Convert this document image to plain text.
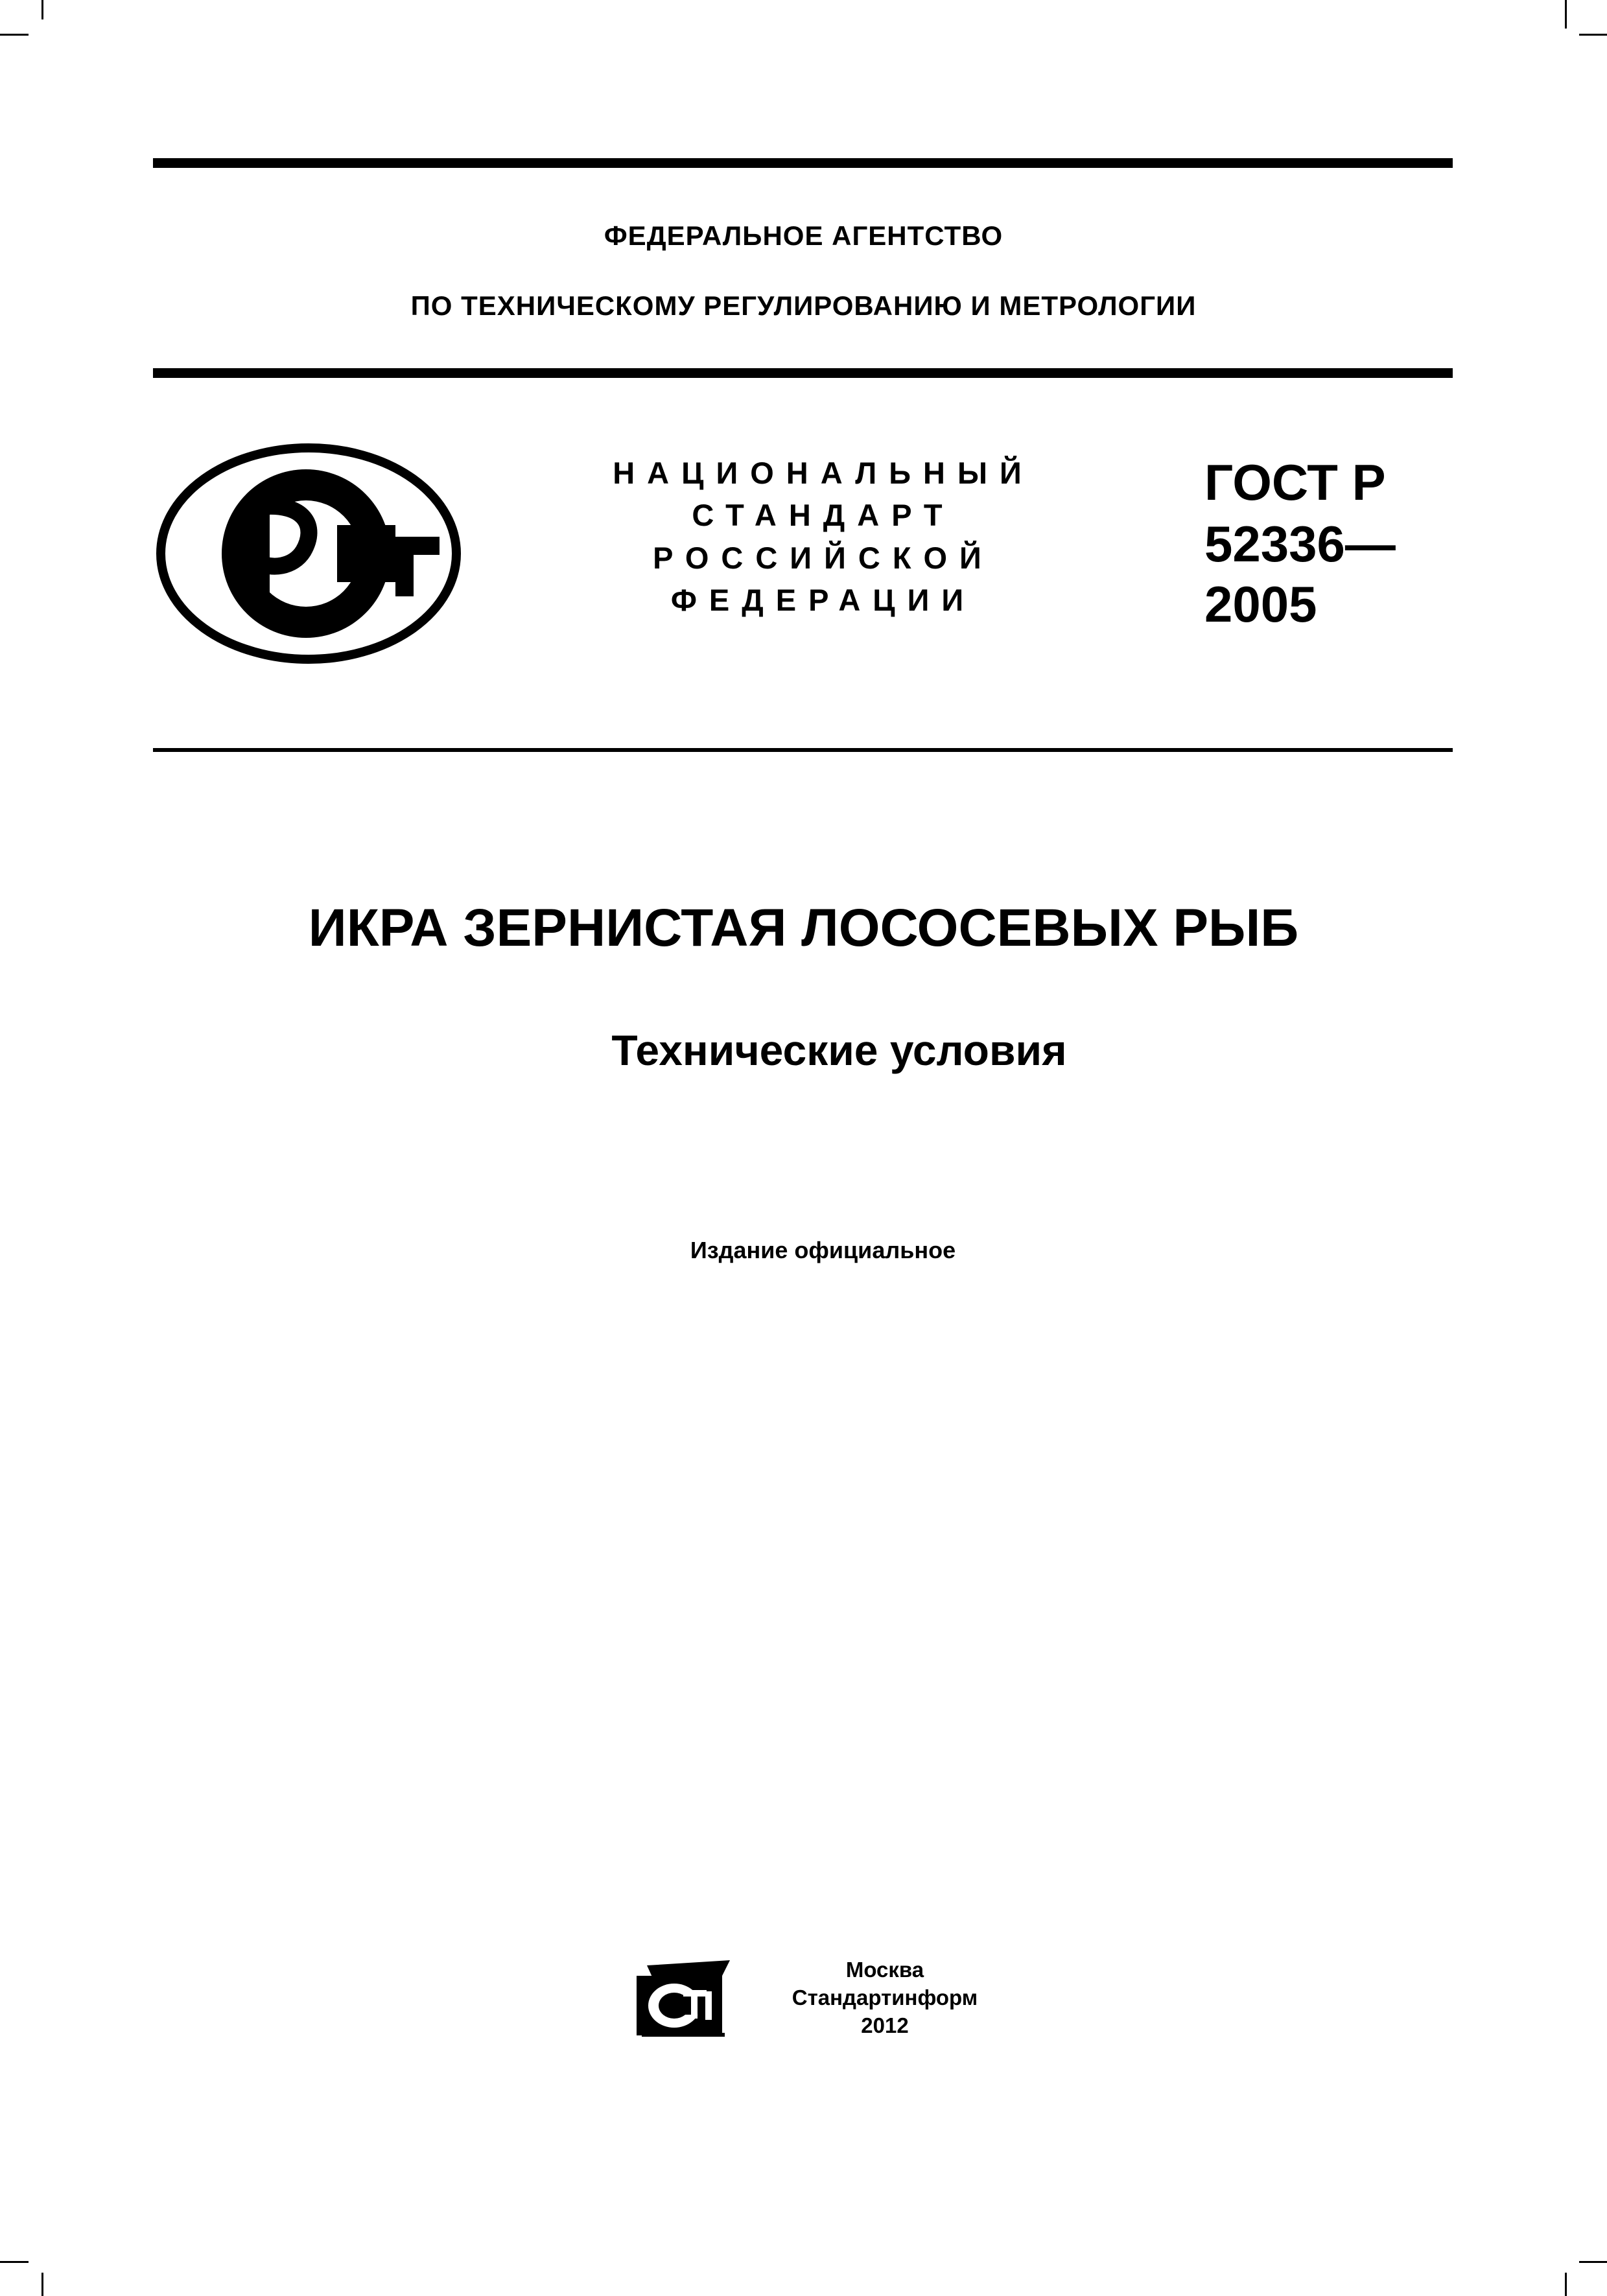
ФЕДЕРАЛЬНОЕ АГЕНТСТВО
ПО ТЕХНИЧЕСКОМУ РЕГУЛИРОВАНИЮ И МЕТРОЛОГИИ
НАЦИОНАЛЬНЫЙ
СТАНДАРТ
РОССИЙСКОЙ
ФЕДЕРАЦИИ
ГОСТ Р
52336—
2005
ИКРА ЗЕРНИСТАЯ ЛОСОСЕВЫХ РЫБ
Технические условия
Издание официальное
Москва
Стандартинформ
2012
